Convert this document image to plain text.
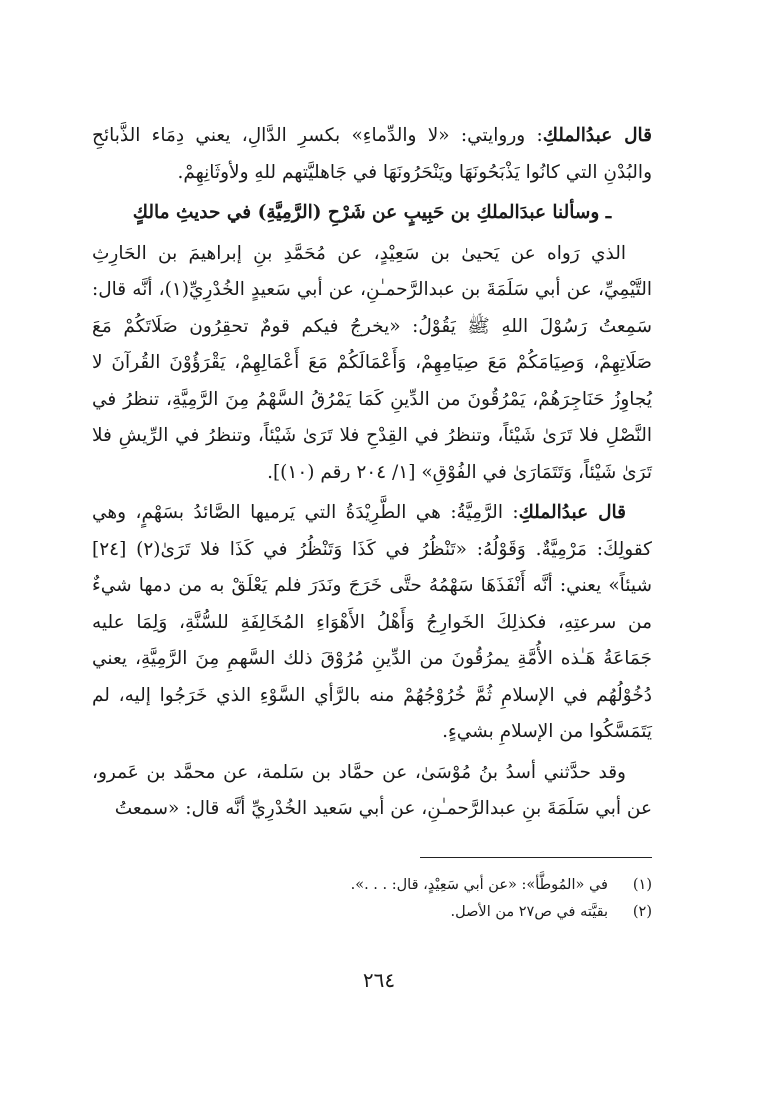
قال عبدُالملكِ: وروايتي: «لا والدِّماءِ» بكسرِ الدَّالِ، يعني دِمَاء الذَّبائحِ والبُدْنِ التي كانُوا يَذْبَحُونَهَا ويَنْحَرُونَهَا في جَاهليَّتهم للهِ ولأوثَانِهِمْ.

ـ وسألنا عبدَالملكِ بن حَبِيبٍ عن شَرْحِ (الرَّمِيَّةِ) في حديثِ مالكٍ

الذي رَواه عن يَحيىٰ بن سَعِيْدٍ، عن مُحَمَّدِ بنِ إبراهيمَ بن الحَارِثِ التَّيْمِيِّ، عن أبي سَلَمَةَ بن عبدالرَّحمـٰنِ، عن أبي سَعيدٍ الخُدْرِيِّ(١)، أنَّه قال: سَمِعتُ رَسُوْلَ اللهِ ﷺ يَقُوْلُ: «يخرجُ فيكم قومٌ تحقِرُون صَلَاتَكُمْ مَعَ صَلَاتِهِمْ، وَصِيَامَكُمْ مَعَ صِيَامِهِمْ، وَأَعْمَالَكُمْ مَعَ أَعْمَالِهِمْ، يَقْرَؤُوْنَ القُرآنَ لا يُجاوِزُ حَنَاجِرَهُمْ، يَمْرُقُونَ من الدِّينِ كَمَا يَمْرُقُ السَّهْمُ مِنَ الرَّمِيَّةِ، تنظرُ في النَّصْلِ فلا تَرَىٰ شَيْئاً، وتنظرُ في القِدْحِ فلا تَرَىٰ شَيْئاً، وتنظرُ في الرِّيشِ فلا تَرَىٰ شَيْئاً، وَتَتَمَارَىٰ في الفُوْقِ» [١/ ٢٠٤ رقم (١٠)].

قال عبدُالملكِ: الرَّمِيَّةُ: هي الطَّرِيْدَةُ التي يَرميها الصَّائدُ بسَهْمٍ، وهي كقولِكَ: مَرْمِيَّةٌ. وَقَوْلُهُ: «تَنْظُرُ في كَذَا وَتَنْظُرُ في كَذَا فلا تَرَىٰ(٢) [٢٤] شيئاً» يعني: أنَّه أَنْفَذَهَا سَهْمُهُ حتَّى خَرَجَ ونَدَرَ فلم يَعْلَقْ به من دمها شيءٌ من سرعتِهِ، فكذلِكَ الخَوارِجُ وَأَهْلُ الأَهْوَاءِ المُخَالِفَةِ للسُّنَّةِ، وَلِمَا عليه جَمَاعَةُ هَـٰذه الأُمَّةِ يمرُقُونَ من الدِّينِ مُرُوْقَ ذلك السَّهمِ مِنَ الرَّمِيَّةِ، يعني دُخُوْلُهُم في الإسلامِ ثُمَّ خُرُوْجُهُمْ منه بالرَّأي السَّوْءِ الذي خَرَجُوا إليه، لم يَتَمَسَّكُوا من الإسلامِ بشيءٍ.

وقد حدَّثني أسدُ بنُ مُوْسَىٰ، عن حمَّاد بن سَلمة، عن محمَّد بن عَمرو، عن أبي سَلَمَةَ بنِ عبدالرَّحمـٰنِ، عن أبي سَعيد الخُدْرِيِّ أنَّه قال: «سمعتُ

(١)في «المُوطَّأ»: «عن أبي سَعِيْدٍ، قال: . . .».
(٢)بقيَّته في ص٢٧ من الأصل.
٢٦٤
